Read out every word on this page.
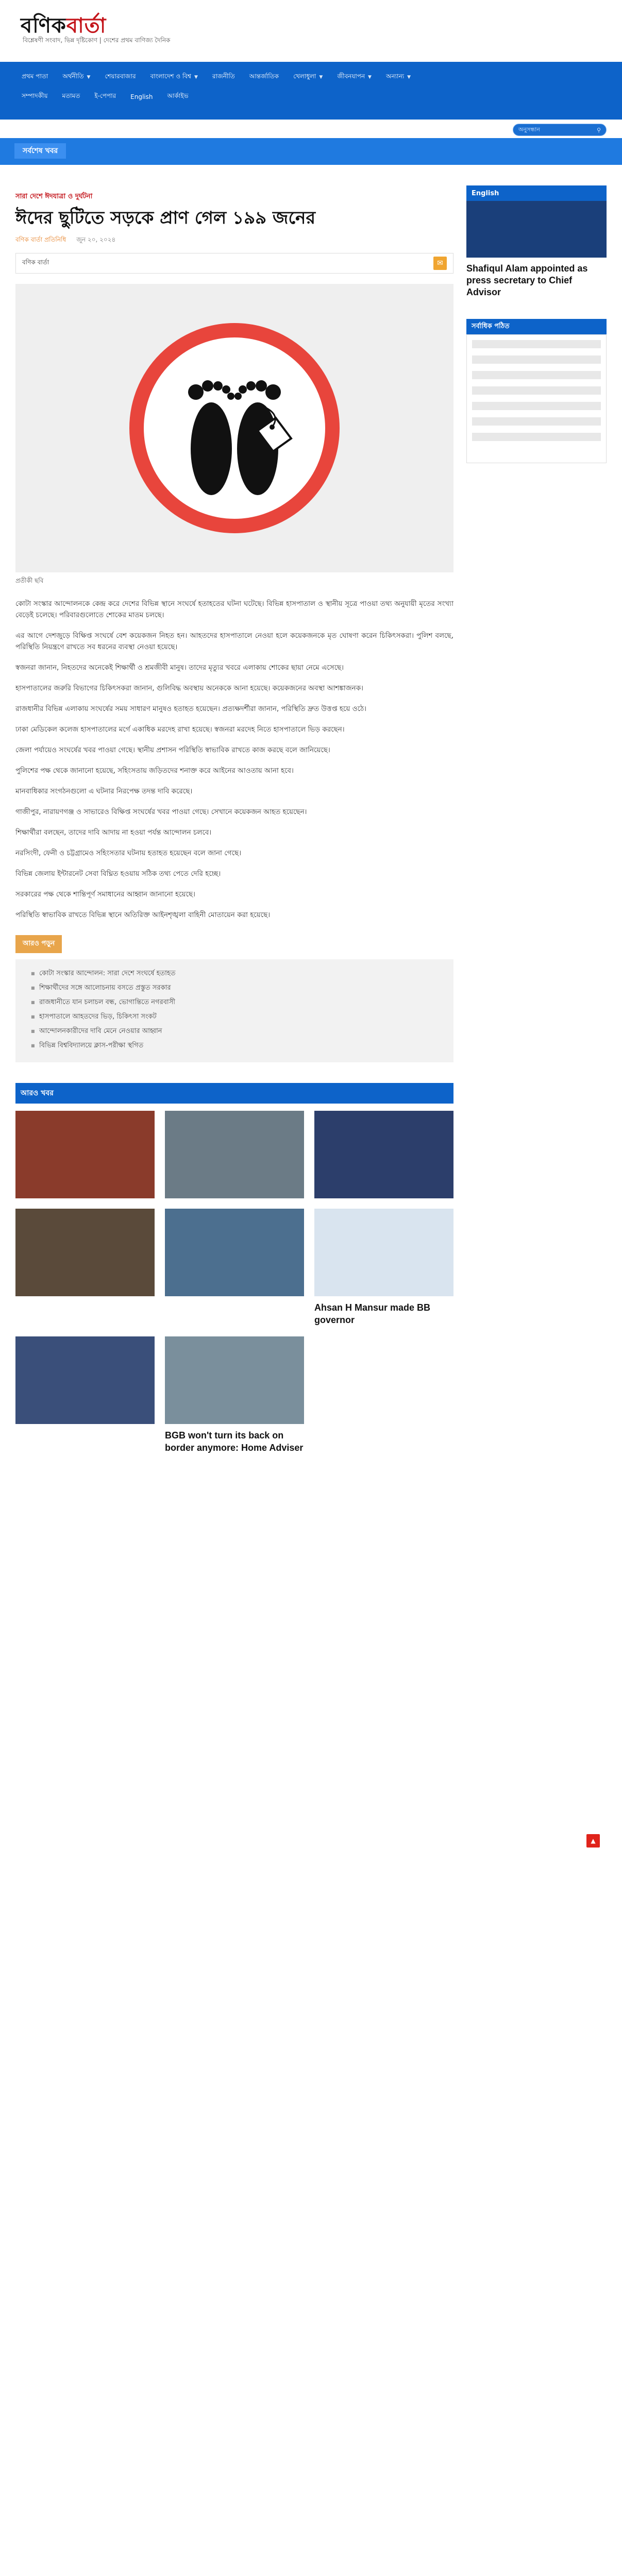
বণিকবার্তা
বিশ্লেষণী সংবাদ, ভিন্ন দৃষ্টিকোণ | দেশের প্রথম বাণিজ্য দৈনিক
প্রথম পাতা অর্থনীতি ▼ শেয়ারবাজার বাংলাদেশ ও বিশ্ব ▼ রাজনীতি আন্তর্জাতিক খেলাধুলা ▼ জীবনযাপন ▼ অন্যান্য ▼
সম্পাদকীয় মতামত ই-পেপার English আর্কাইভ
অনুসন্ধান	⚲
সর্বশেষ খবর
সারা দেশে ঈদযাত্রা ও দুর্ঘটনা
ঈদের ছুটিতে সড়কে প্রাণ গেল ১৯৯ জনের
বণিক বার্তা প্রতিনিধি জুন ২০, ২০২৪
বণিক বার্তা	✉
প্রতীকী ছবি

কোটা সংস্কার আন্দোলনকে কেন্দ্র করে দেশের বিভিন্ন স্থানে সংঘর্ষে হতাহতের ঘটনা ঘটেছে। বিভিন্ন হাসপাতাল ও স্থানীয় সূত্রে পাওয়া তথ্য অনুযায়ী মৃতের সংখ্যা বেড়েই চলেছে। পরিবারগুলোতে শোকের মাতম চলছে।

এর আগে দেশজুড়ে বিক্ষিপ্ত সংঘর্ষে বেশ কয়েকজন নিহত হন। আহতদের হাসপাতালে নেওয়া হলে কয়েকজনকে মৃত ঘোষণা করেন চিকিৎসকরা। পুলিশ বলছে, পরিস্থিতি নিয়ন্ত্রণে রাখতে সব ধরনের ব্যবস্থা নেওয়া হয়েছে।

স্বজনরা জানান, নিহতদের অনেকেই শিক্ষার্থী ও শ্রমজীবী মানুষ। তাদের মৃত্যুর খবরে এলাকায় শোকের ছায়া নেমে এসেছে।

হাসপাতালের জরুরি বিভাগের চিকিৎসকরা জানান, গুলিবিদ্ধ অবস্থায় অনেককে আনা হয়েছে। কয়েকজনের অবস্থা আশঙ্কাজনক।

রাজধানীর বিভিন্ন এলাকায় সংঘর্ষের সময় সাধারণ মানুষও হতাহত হয়েছেন। প্রত্যক্ষদর্শীরা জানান, পরিস্থিতি দ্রুত উত্তপ্ত হয়ে ওঠে।

ঢাকা মেডিকেল কলেজ হাসপাতালের মর্গে একাধিক মরদেহ রাখা হয়েছে। স্বজনরা মরদেহ নিতে হাসপাতালে ভিড় করছেন।

জেলা পর্যায়েও সংঘর্ষের খবর পাওয়া গেছে। স্থানীয় প্রশাসন পরিস্থিতি স্বাভাবিক রাখতে কাজ করছে বলে জানিয়েছে।

পুলিশের পক্ষ থেকে জানানো হয়েছে, সহিংসতায় জড়িতদের শনাক্ত করে আইনের আওতায় আনা হবে।

মানবাধিকার সংগঠনগুলো এ ঘটনার নিরপেক্ষ তদন্ত দাবি করেছে।

গাজীপুর, নারায়ণগঞ্জ ও সাভারেও বিক্ষিপ্ত সংঘর্ষের খবর পাওয়া গেছে। সেখানে কয়েকজন আহত হয়েছেন।

শিক্ষার্থীরা বলছেন, তাদের দাবি আদায় না হওয়া পর্যন্ত আন্দোলন চলবে।

নরসিংদী, ফেনী ও চট্টগ্রামেও সহিংসতার ঘটনায় হতাহত হয়েছেন বলে জানা গেছে।

বিভিন্ন জেলায় ইন্টারনেট সেবা বিঘ্নিত হওয়ায় সঠিক তথ্য পেতে দেরি হচ্ছে।

সরকারের পক্ষ থেকে শান্তিপূর্ণ সমাধানের আহ্বান জানানো হয়েছে।

পরিস্থিতি স্বাভাবিক রাখতে বিভিন্ন স্থানে অতিরিক্ত আইনশৃঙ্খলা বাহিনী মোতায়েন করা হয়েছে।

আরও পড়ুন
■ কোটা সংস্কার আন্দোলন: সারা দেশে সংঘর্ষে হতাহত
■ শিক্ষার্থীদের সঙ্গে আলোচনায় বসতে প্রস্তুত সরকার
■ রাজধানীতে যান চলাচল বন্ধ, ভোগান্তিতে নগরবাসী
■ হাসপাতালে আহতদের ভিড়, চিকিৎসা সংকট
■ আন্দোলনকারীদের দাবি মেনে নেওয়ার আহ্বান
■ বিভিন্ন বিশ্ববিদ্যালয়ে ক্লাস-পরীক্ষা স্থগিত
আরও খবর
Ahsan H Mansur made BB governor
BGB won't turn its back on border anymore: Home Adviser
English
Shafiqul Alam appointed as press secretary to Chief Advisor
সর্বাধিক পঠিত
▲
